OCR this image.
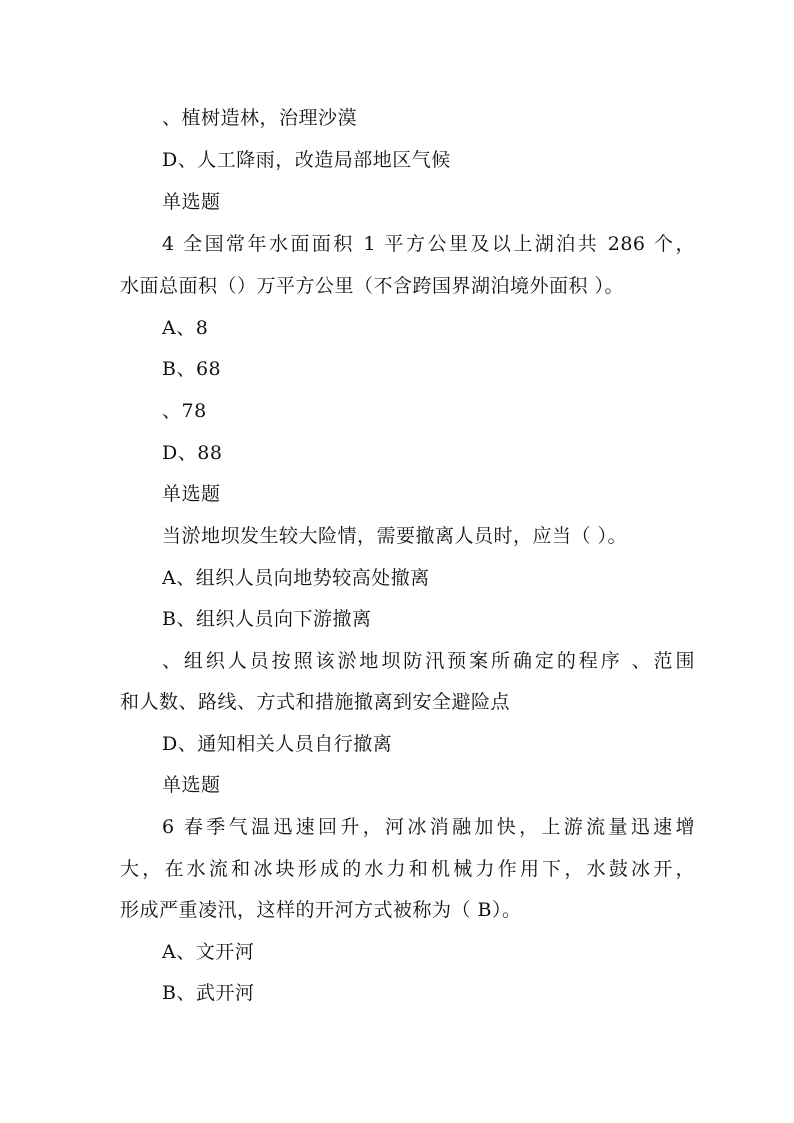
、植树造林，治理沙漠
D、人工降雨，改造局部地区气候
单选题
4 全国常年水面面积 1 平方公里及以上湖泊共 286 个，
水面总面积（）万平方公里（不含跨国界湖泊境外面积 ）。
A、8
B、68
、78
D、88
单选题
当淤地坝发生较大险情，需要撤离人员时，应当（ ）。
A、组织人员向地势较高处撤离
B、组织人员向下游撤离
、组织人员按照该淤地坝防汛预案所确定的程序 、范围
和人数、路线、方式和措施撤离到安全避险点
D、通知相关人员自行撤离
单选题
6 春季气温迅速回升，河冰消融加快，上游流量迅速增
大，在水流和冰块形成的水力和机械力作用下，水鼓冰开，
形成严重凌汛，这样的开河方式被称为（ B）。
A、文开河
B、武开河
